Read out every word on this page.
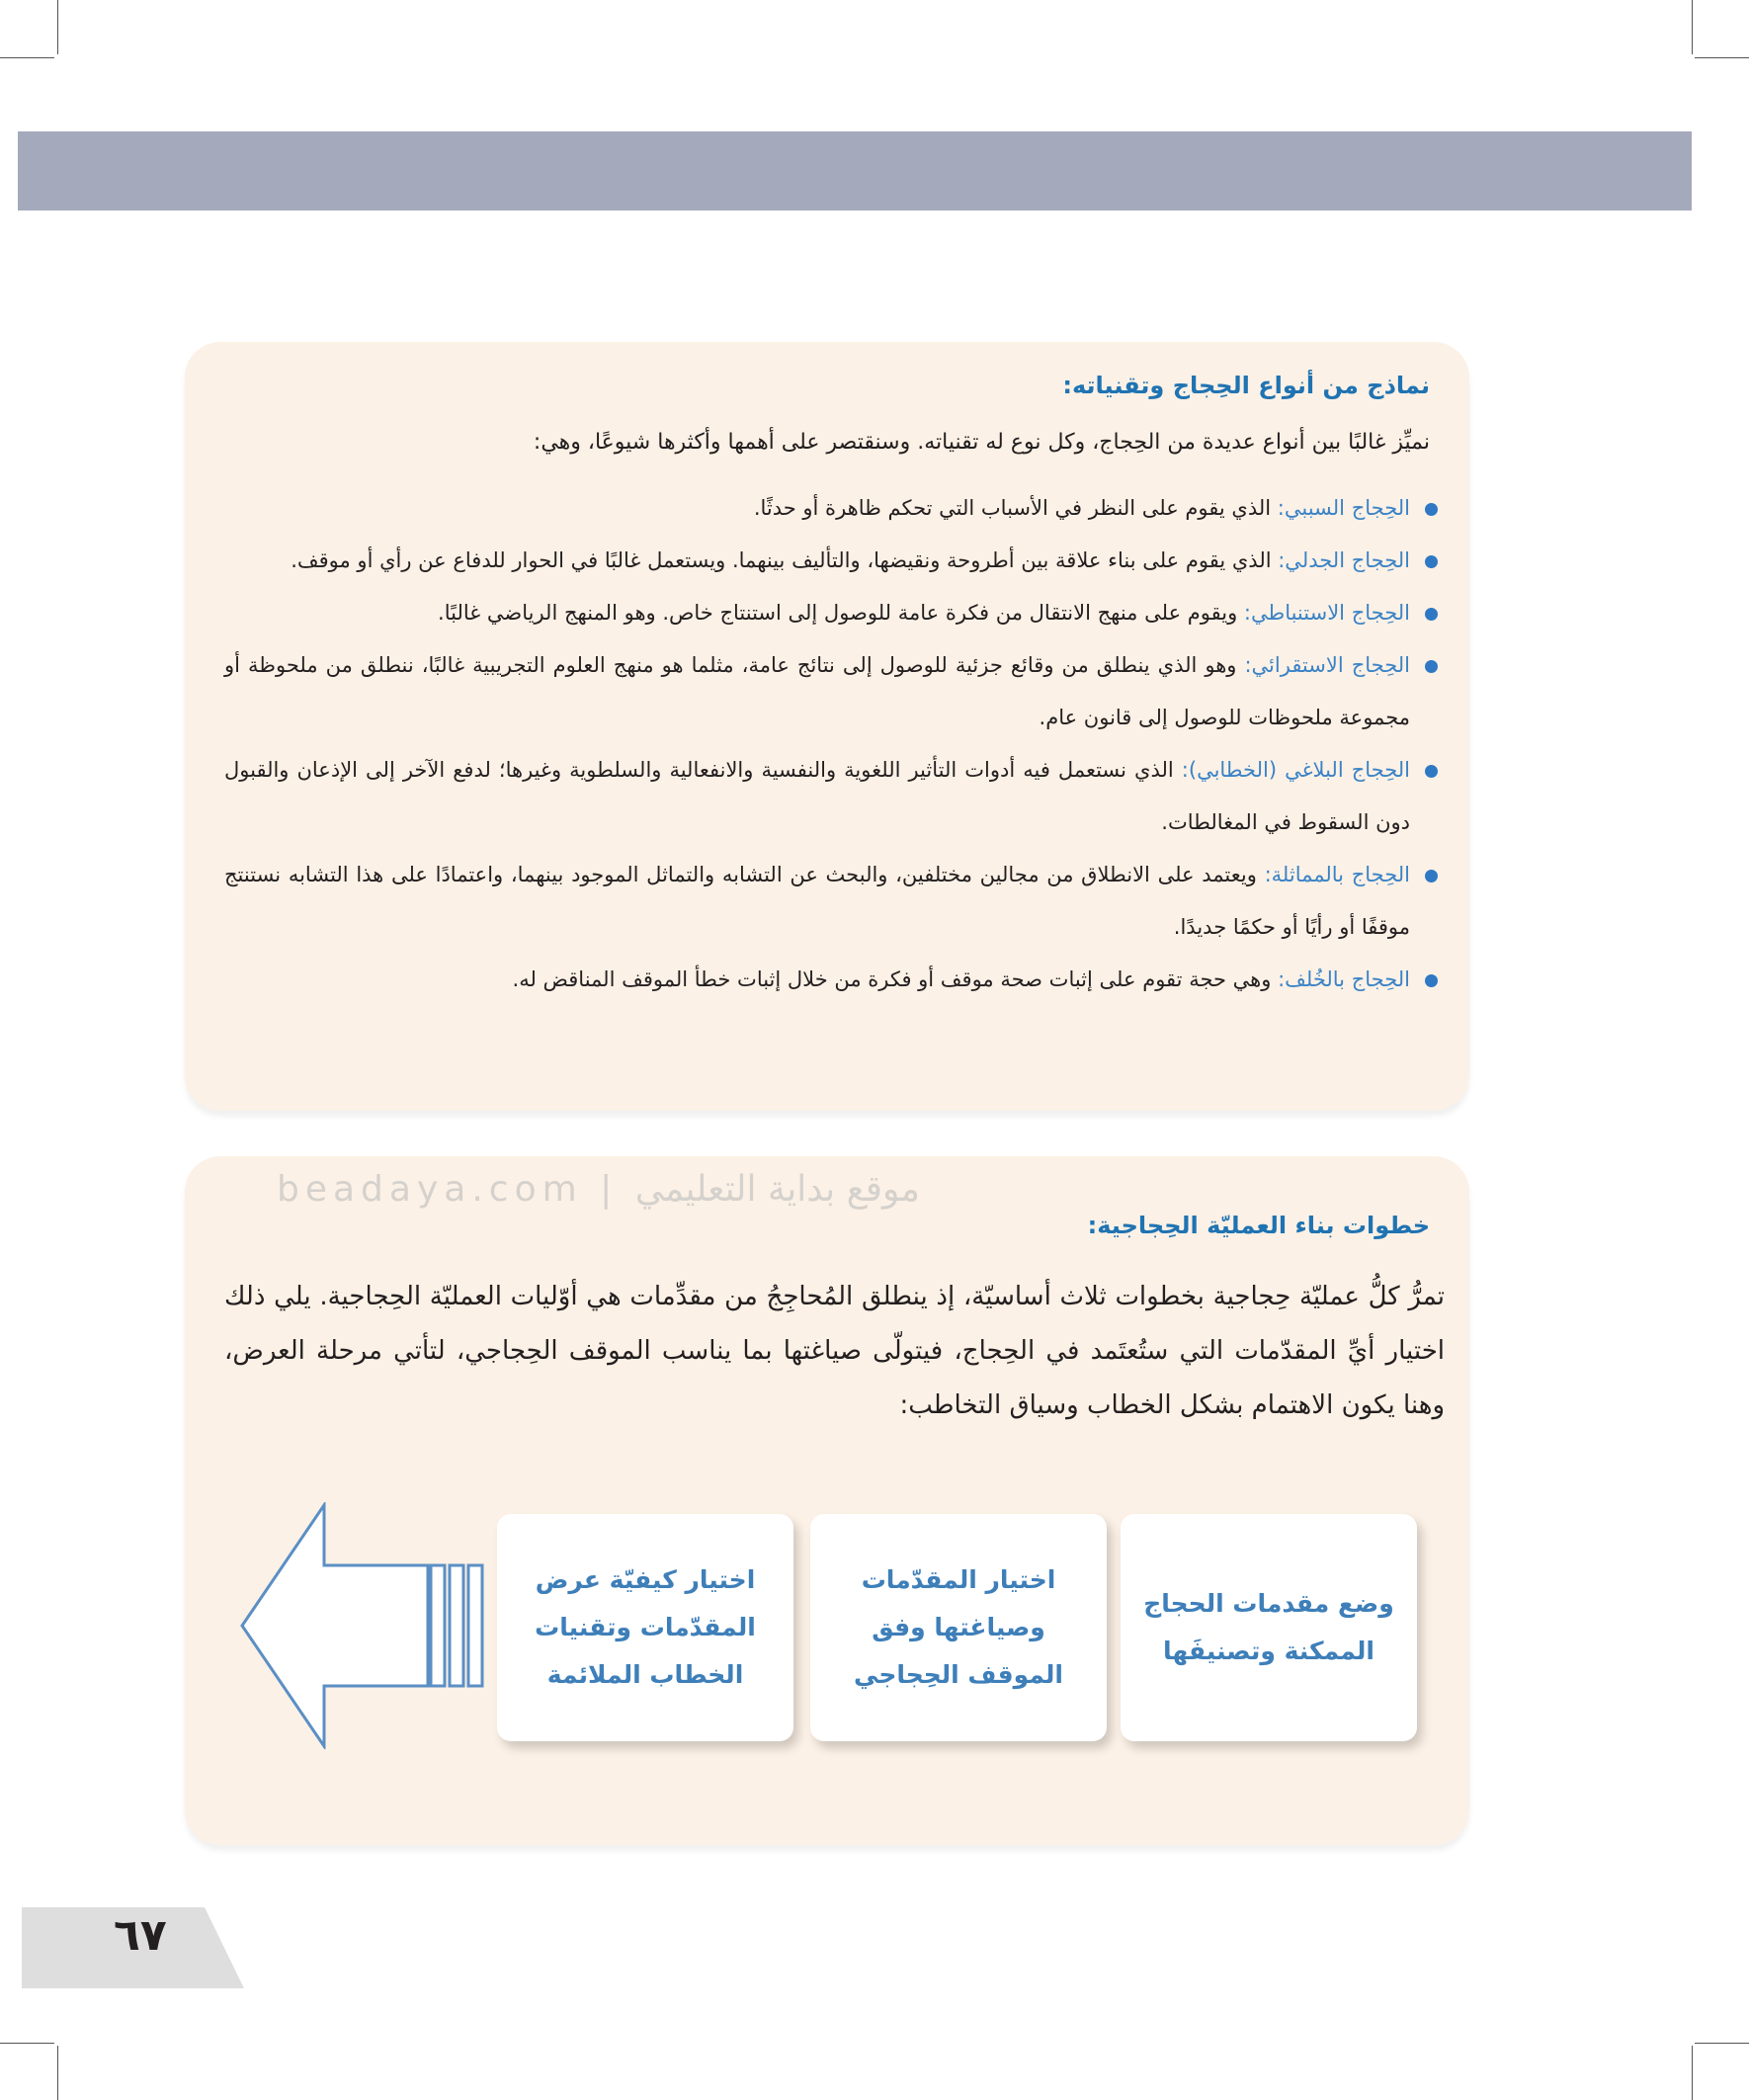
نماذج من أنواع الحِجاج وتقنياته:
نميِّز غالبًا بين أنواع عديدة من الحِجاج، وكل نوع له تقنياته. وسنقتصر على أهمها وأكثرها شيوعًا، وهي:
الحِجاج السببي: الذي يقوم على النظر في الأسباب التي تحكم ظاهرة أو حدثًا.
الحِجاج الجدلي: الذي يقوم على بناء علاقة بين أطروحة ونقيضها، والتأليف بينهما. ويستعمل غالبًا في الحوار للدفاع عن رأي أو موقف.
الحِجاج الاستنباطي: ويقوم على منهج الانتقال من فكرة عامة للوصول إلى استنتاج خاص. وهو المنهج الرياضي غالبًا.
الحِجاج الاستقرائي: وهو الذي ينطلق من وقائع جزئية للوصول إلى نتائج عامة، مثلما هو منهج العلوم التجريبية غالبًا، ننطلق من ملحوظة أو مجموعة ملحوظات للوصول إلى قانون عام.
الحِجاج البلاغي (الخطابي): الذي نستعمل فيه أدوات التأثير اللغوية والنفسية والانفعالية والسلطوية وغيرها؛ لدفع الآخر إلى الإذعان والقبول دون السقوط في المغالطات.
الحِجاج بالمماثلة: ويعتمد على الانطلاق من مجالين مختلفين، والبحث عن التشابه والتماثل الموجود بينهما، واعتمادًا على هذا التشابه نستنتج موقفًا أو رأيًا أو حكمًا جديدًا.
الحِجاج بالخُلف: وهي حجة تقوم على إثبات صحة موقف أو فكرة من خلال إثبات خطأ الموقف المناقض له.
خطوات بناء العمليّة الحِجاجية:
تمرُّ كلُّ عمليّة حِجاجية بخطوات ثلاث أساسيّة، إذ ينطلق المُحاجِجُ من مقدِّمات هي أوّليات العمليّة الحِجاجية. يلي ذلك اختيار أيِّ المقدّمات التي ستُعتَمد في الحِجاج، فيتولّى صياغتها بما يناسب الموقف الحِجاجي، لتأتي مرحلة العرض، وهنا يكون الاهتمام بشكل الخطاب وسياق التخاطب:
beadaya.com | موقع بداية التعليمي
وضع مقدمات الحجاج الممكنة وتصنيفَها
اختيار المقدّمات وصياغتها وفق الموقف الحِجاجي
اختيار كيفيّة عرض المقدّمات وتقنيات الخطاب الملائمة
٦٧
